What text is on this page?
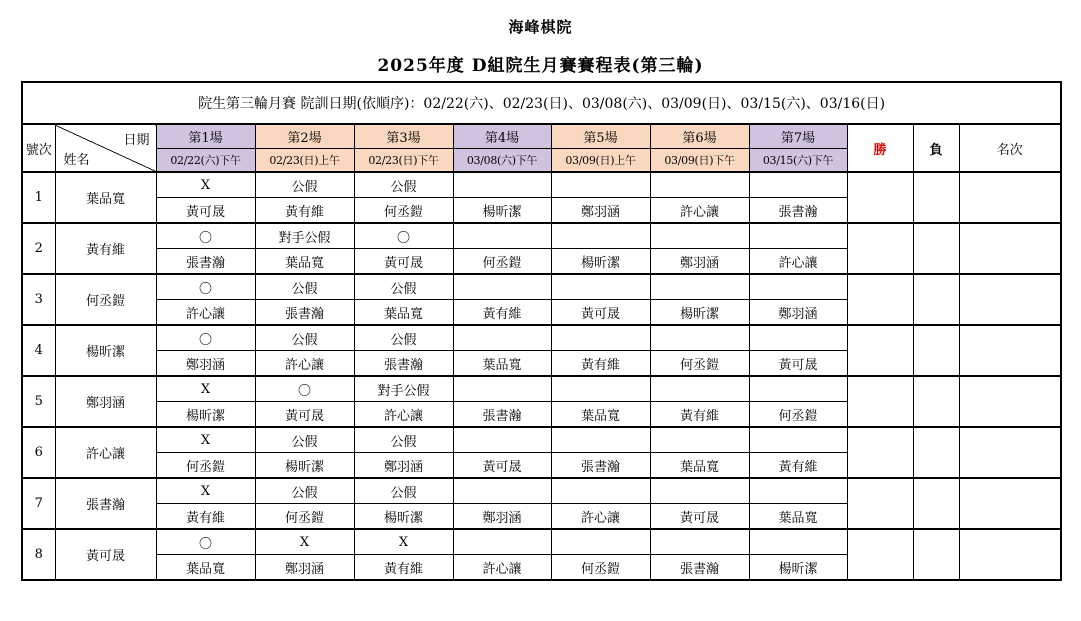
海峰棋院
2025年度 D組院生月賽賽程表(第三輪)
院生第三輪月賽 院訓日期(依順序)：02/22(六)、02/23(日)、03/08(六)、03/09(日)、03/15(六)、03/16(日)											
號次	日期
姓名	第1場	第2場	第3場	第4場	第5場	第6場	第7場	勝	負	名次
		02/22(六)下午	02/23(日)上午	02/23(日)下午	03/08(六)下午	03/09(日)上午	03/09(日)下午	03/15(六)下午			
1	葉品寬	X	公假	公假							
		黃可晟	黃有維	何丞鎧	楊昕潔	鄭羽涵	許心讓	張書瀚			
2	黃有維	〇	對手公假	〇							
		張書瀚	葉品寬	黃可晟	何丞鎧	楊昕潔	鄭羽涵	許心讓			
3	何丞鎧	〇	公假	公假							
		許心讓	張書瀚	葉品寬	黃有維	黃可晟	楊昕潔	鄭羽涵			
4	楊昕潔	〇	公假	公假							
		鄭羽涵	許心讓	張書瀚	葉品寬	黃有維	何丞鎧	黃可晟			
5	鄭羽涵	X	〇	對手公假							
		楊昕潔	黃可晟	許心讓	張書瀚	葉品寬	黃有維	何丞鎧			
6	許心讓	X	公假	公假							
		何丞鎧	楊昕潔	鄭羽涵	黃可晟	張書瀚	葉品寬	黃有維			
7	張書瀚	X	公假	公假							
		黃有維	何丞鎧	楊昕潔	鄭羽涵	許心讓	黃可晟	葉品寬			
8	黃可晟	〇	X	X							
		葉品寬	鄭羽涵	黃有維	許心讓	何丞鎧	張書瀚	楊昕潔			
